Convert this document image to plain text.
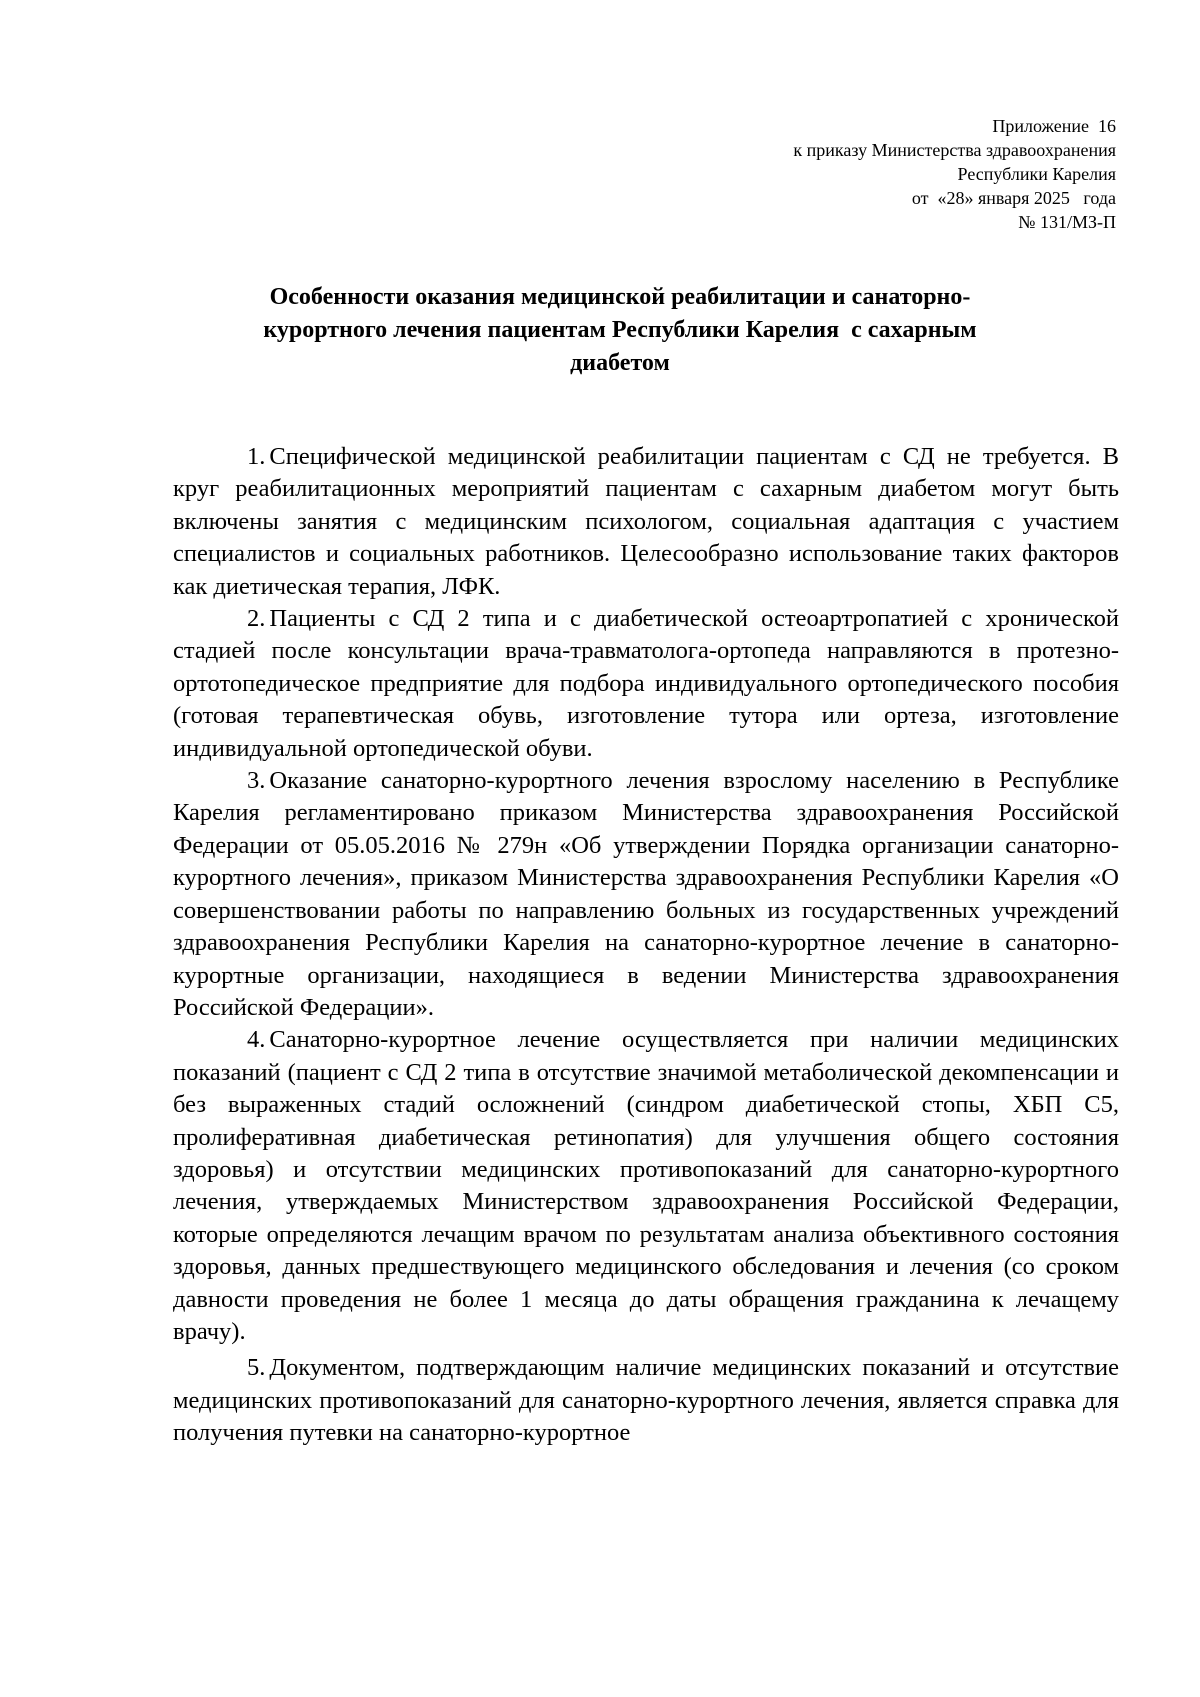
Приложение  16
к приказу Министерства здравоохранения
Республики Карелия
от  «28» января 2025   года
№ 131/МЗ-П
Особенности оказания медицинской реабилитации и санаторно-
курортного лечения пациентам Республики Карелия  с сахарным
диабетом

1. Специфической медицинской реабилитации пациентам с СД не требуется. В круг реабилитационных мероприятий пациентам с сахарным диабетом могут быть включены занятия с медицинским психологом, социальная адаптация с участием специалистов и социальных работников. Целесообразно использование таких факторов как диетическая терапия, ЛФК.

2. Пациенты с СД 2 типа и с диабетической остеоартропатией с хронической стадией после консультации врача-травматолога-ортопеда направляются в протезно-ортотопедическое предприятие для подбора индивидуального ортопедического пособия (готовая терапевтическая обувь, изготовление тутора или ортеза, изготовление индивидуальной ортопедической обуви.

3. Оказание санаторно-курортного лечения взрослому населению в Республике Карелия регламентировано приказом Министерства здравоохранения Российской Федерации от 05.05.2016 № 279н «Об утверждении Порядка организации санаторно-курортного лечения», приказом Министерства здравоохранения Республики Карелия «О совершенствовании работы по направлению больных из государственных учреждений здравоохранения Республики Карелия на санаторно-курортное лечение в санаторно-курортные организации, находящиеся в ведении Министерства здравоохранения Российской Федерации».

4. Санаторно-курортное лечение осуществляется при наличии медицинских показаний (пациент с СД 2 типа в отсутствие значимой метаболической декомпенсации и без выраженных стадий осложнений (синдром диабетической стопы, ХБП С5, пролиферативная диабетическая ретинопатия) для улучшения общего состояния здоровья) и отсутствии медицинских противопоказаний для санаторно-курортного лечения, утверждаемых Министерством здравоохранения Российской Федерации, которые определяются лечащим врачом по результатам анализа объективного состояния здоровья, данных предшествующего медицинского обследования и лечения (со сроком давности проведения не более 1 месяца до даты обращения гражданина к лечащему врачу).

5. Документом, подтверждающим наличие медицинских показаний и отсутствие медицинских противопоказаний для санаторно-курортного лечения, является справка для получения путевки на санаторно-курортное
